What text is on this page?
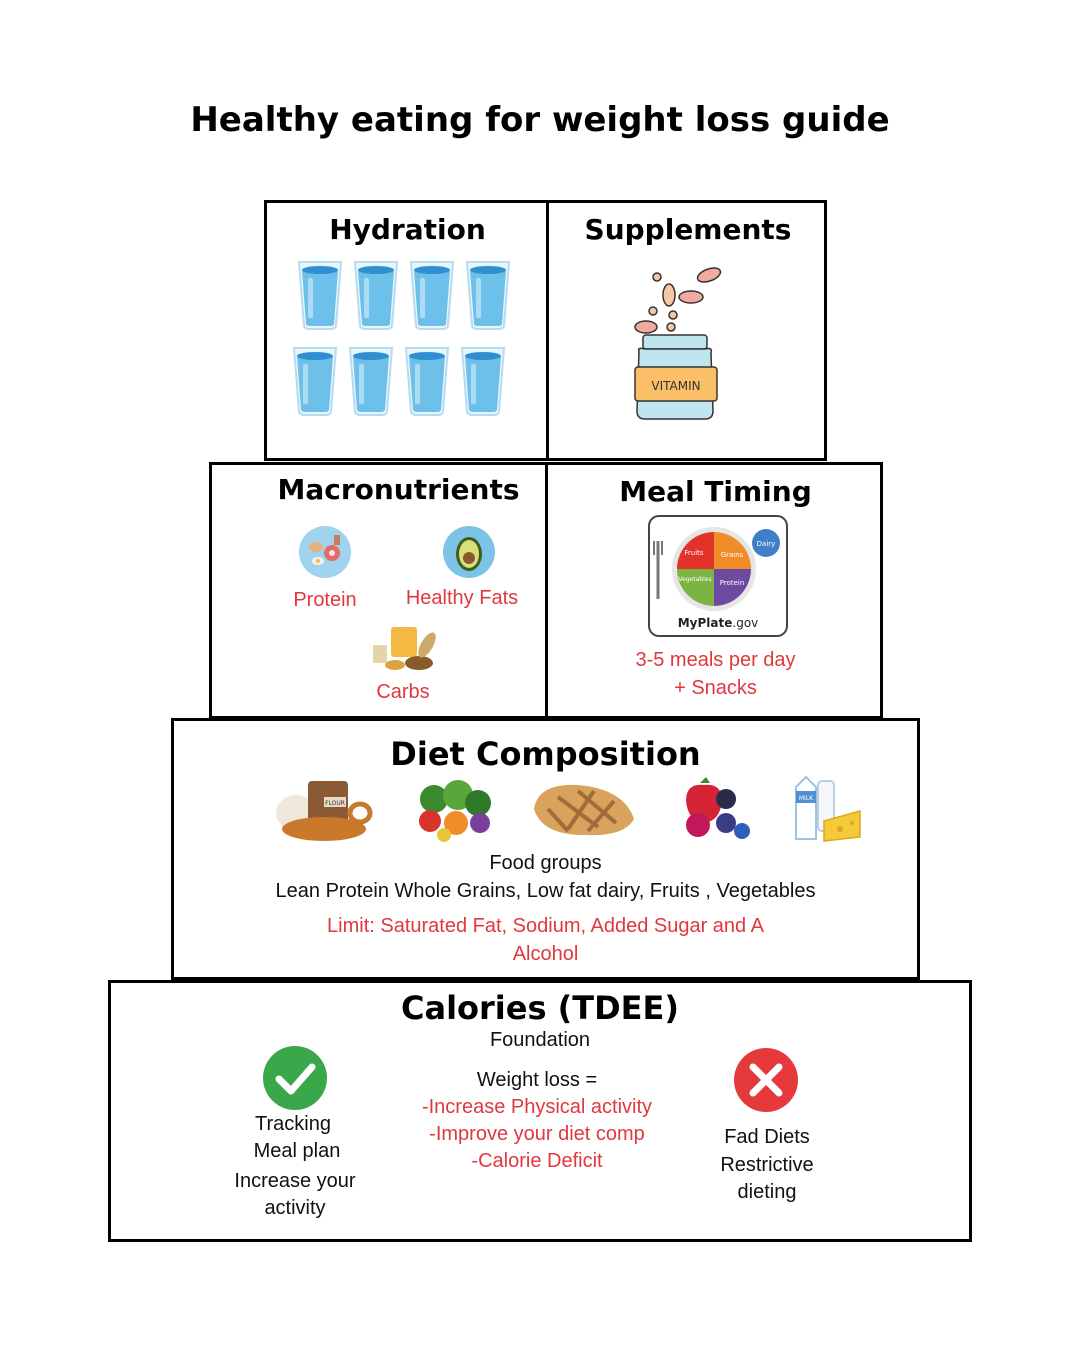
Healthy eating for weight loss guide
Hydration	Supplements
VITAMIN
Macronutrients
Protein	Healthy Fats
Carbs
Meal Timing
Fruits Grains
Vegetables Protein
Dairy
MyPlate.gov
3-5 meals per day
+ Snacks
Diet Composition
FLOUR
MILK
Food groups
Lean Protein Whole Grains, Low fat dairy, Fruits , Vegetables
Limit: Saturated Fat, Sodium, Added Sugar and A
Alcohol
Calories (TDEE)
Foundation
Tracking
Meal plan
Increase your
activity
Weight loss =
-Increase Physical activity
-Improve your diet comp
-Calorie Deficit
Fad Diets
Restrictive
dieting
